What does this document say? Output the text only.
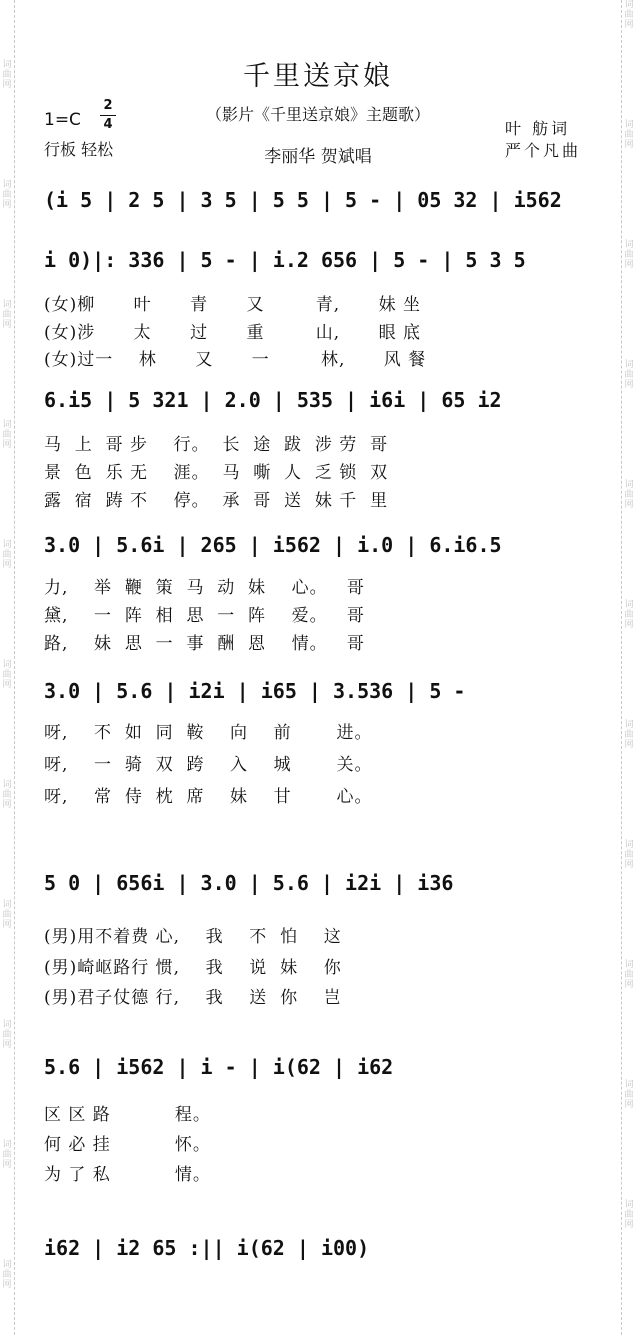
词曲网
词曲网
词曲网
词曲网
词曲网
词曲网
词曲网
词曲网
词曲网
词曲网
词曲网
词曲网
词曲网
词曲网
词曲网
词曲网
词曲网
词曲网
词曲网
词曲网
词曲网
词曲网
千里送京娘
1=C
2
4
行板 轻松
（影片《千里送京娘》主题歌）
李丽华 贺斌唱
叶 舫词
严个凡曲
(i 5 | 2 5 | 3 5 | 5 5 | 5 - | 05 32 | i562
i 0)|: 336 | 5 - | i.2 656 | 5 - | 5 3 5
(女)柳      叶      青      又        青,      妹 坐
(女)涉      太      过      重        山,      眼 底
(女)过一    林      又      一        林,      风 餐
6.i5 | 5 321 | 2.0 | 535 | i6i | 65 i2
马  上  哥 步    行。  长  途  跋  涉 劳  哥
景  色  乐 无    涯。  马  嘶  人  乏 锁  双
露  宿  踌 不    停。  承  哥  送  妹 千  里
3.0 | 5.6i | 265 | i562 | i.0 | 6.i6.5
力,    举  鞭  策  马  动  妹    心。   哥
黛,    一  阵  相  思  一  阵    爱。   哥
路,    妹  思  一  事  酬  恩    情。   哥
3.0 | 5.6 | i2i | i65 | 3.536 | 5 -
呀,    不  如  同  鞍    向    前       进。
呀,    一  骑  双  跨    入    城       关。
呀,    常  侍  枕  席    妹    甘       心。
5 0 | 656i | 3.0 | 5.6 | i2i | i36
(男)用不着费 心,    我    不  怕    这
(男)崎岖路行 惯,    我    说  妹    你
(男)君子仗德 行,    我    送  你    岂
5.6 | i562 | i - | i(62 | i62
区 区 路          程。
何 必 挂          怀。
为 了 私          情。
i62 | i2 65 :|| i(62 | i00)
